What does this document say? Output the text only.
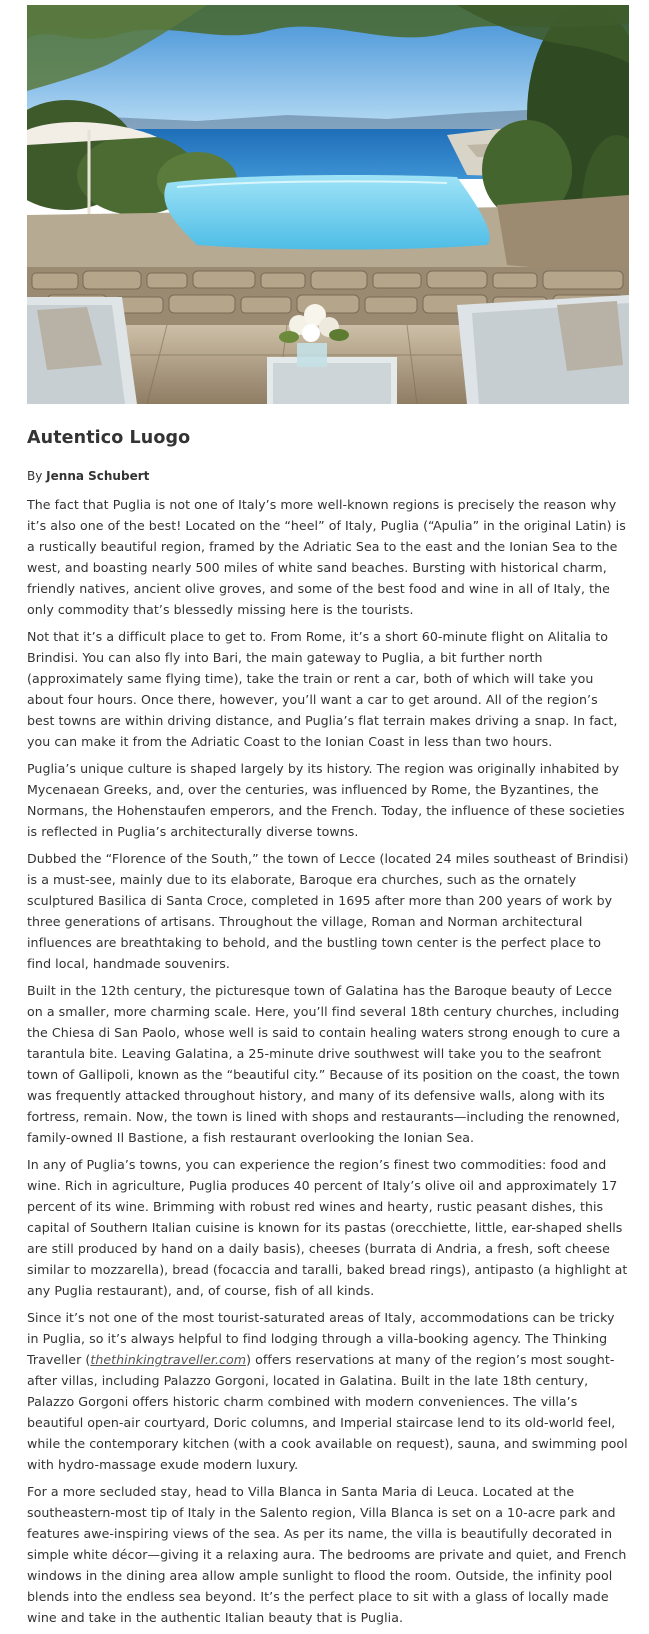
Autentico Luogo

By Jenna Schubert

The fact that Puglia is not one of Italy’s more well-known regions is precisely the reason why it’s also one of the best! Located on the “heel” of Italy, Puglia (“Apulia” in the original Latin) is a rustically beautiful region, framed by the Adriatic Sea to the east and the Ionian Sea to the west, and boasting nearly 500 miles of white sand beaches. Bursting with historical charm, friendly natives, ancient olive groves, and some of the best food and wine in all of Italy, the only commodity that’s blessedly missing here is the tourists.

Not that it’s a difficult place to get to. From Rome, it’s a short 60-minute flight on Alitalia to Brindisi. You can also fly into Bari, the main gateway to Puglia, a bit further north (approximately same flying time), take the train or rent a car, both of which will take you about four hours. Once there, however, you’ll want a car to get around. All of the region’s best towns are within driving distance, and Puglia’s flat terrain makes driving a snap. In fact, you can make it from the Adriatic Coast to the Ionian Coast in less than two hours.

Puglia’s unique culture is shaped largely by its history. The region was originally inhabited by Mycenaean Greeks, and, over the centuries, was influenced by Rome, the Byzantines, the Normans, the Hohenstaufen emperors, and the French. Today, the influence of these societies is reflected in Puglia’s architecturally diverse towns.

Dubbed the “Florence of the South,” the town of Lecce (located 24 miles southeast of Brindisi) is a must-see, mainly due to its elaborate, Baroque era churches, such as the ornately sculptured Basilica di Santa Croce, completed in 1695 after more than 200 years of work by three generations of artisans. Throughout the village, Roman and Norman architectural influences are breathtaking to behold, and the bustling town center is the perfect place to find local, handmade souvenirs.

Built in the 12th century, the picturesque town of Galatina has the Baroque beauty of Lecce on a smaller, more charming scale. Here, you’ll find several 18th century churches, including the Chiesa di San Paolo, whose well is said to contain healing waters strong enough to cure a tarantula bite. Leaving Galatina, a 25-minute drive southwest will take you to the seafront town of Gallipoli, known as the “beautiful city.” Because of its position on the coast, the town was frequently attacked throughout history, and many of its defensive walls, along with its fortress, remain. Now, the town is lined with shops and restaurants—including the renowned, family-owned Il Bastione, a fish restaurant overlooking the Ionian Sea.

In any of Puglia’s towns, you can experience the region’s finest two commodities: food and wine. Rich in agriculture, Puglia produces 40 percent of Italy’s olive oil and approximately 17 percent of its wine. Brimming with robust red wines and hearty, rustic peasant dishes, this capital of Southern Italian cuisine is known for its pastas (orecchiette, little, ear-shaped shells are still produced by hand on a daily basis), cheeses (burrata di Andria, a fresh, soft cheese similar to mozzarella), bread (focaccia and taralli, baked bread rings), antipasto (a highlight at any Puglia restaurant), and, of course, fish of all kinds.

Since it’s not one of the most tourist-saturated areas of Italy, accommodations can be tricky in Puglia, so it’s always helpful to find lodging through a villa-booking agency. The Thinking Traveller (thethinkingtraveller.com) offers reservations at many of the region’s most sought-after villas, including Palazzo Gorgoni, located in Galatina. Built in the late 18th century, Palazzo Gorgoni offers historic charm combined with modern conveniences. The villa’s beautiful open-air courtyard, Doric columns, and Imperial staircase lend to its old-world feel, while the contemporary kitchen (with a cook available on request), sauna, and swimming pool with hydro-massage exude modern luxury.

For a more secluded stay, head to Villa Blanca in Santa Maria di Leuca. Located at the southeastern-most tip of Italy in the Salento region, Villa Blanca is set on a 10-acre park and features awe-inspiring views of the sea. As per its name, the villa is beautifully decorated in simple white décor—giving it a relaxing aura. The bedrooms are private and quiet, and French windows in the dining area allow ample sunlight to flood the room. Outside, the infinity pool blends into the endless sea beyond. It’s the perfect place to sit with a glass of locally made wine and take in the authentic Italian beauty that is Puglia.
